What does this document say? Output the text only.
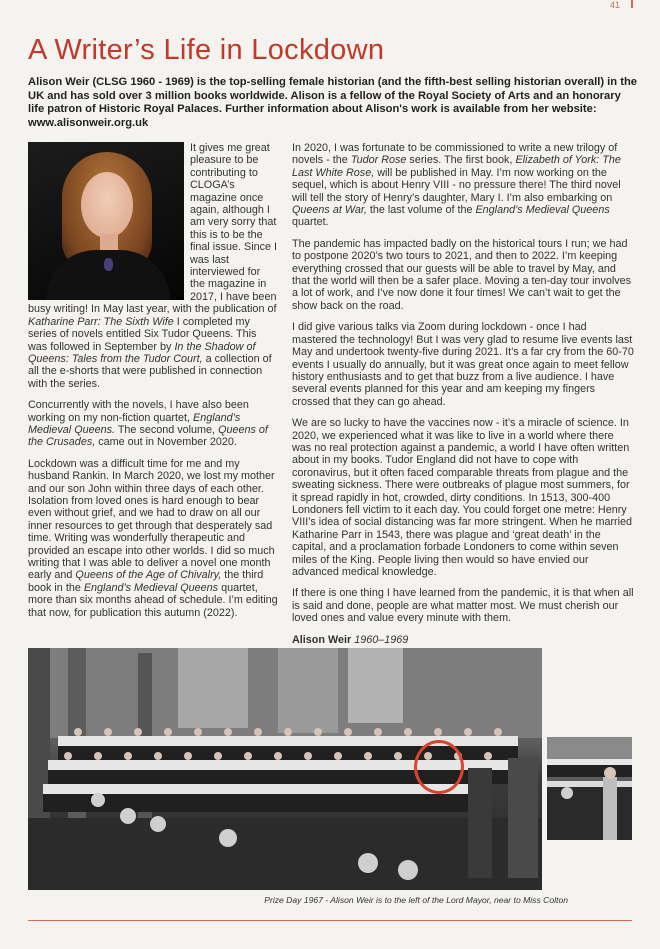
41
A Writer’s Life in Lockdown

Alison Weir (CLSG 1960 - 1969) is the top-selling female historian (and the fifth-best selling historian overall) in the UK and has sold over 3 million books worldwide. Alison is a fellow of the Royal Society of Arts and an honorary life patron of Historic Royal Palaces. Further information about Alison's work is available from her website:
www.alisonweir.org.uk

It gives me great pleasure to be contributing to CLOGA’s magazine once again, although I am very sorry that this is to be the final issue. Since I was last interviewed for the magazine in 2017, I have been busy writing! In May last year, with the publication of Katharine Parr: The Sixth Wife I completed my series of novels entitled Six Tudor Queens. This was followed in September by In the Shadow of Queens: Tales from the Tudor Court, a collection of all the e-shorts that were published in connection with the series.

Concurrently with the novels, I have also been working on my non-fiction quartet, England’s Medieval Queens. The second volume, Queens of the Crusades, came out in November 2020.

Lockdown was a difficult time for me and my husband Rankin. In March 2020, we lost my mother and our son John within three days of each other. Isolation from loved ones is hard enough to bear even without grief, and we had to draw on all our inner resources to get through that desperately sad time. Writing was wonderfully therapeutic and provided an escape into other worlds. I did so much writing that I was able to deliver a novel one month early and Queens of the Age of Chivalry, the third book in the England’s Medieval Queens quartet, more than six months ahead of schedule. I’m editing that now, for publication this autumn (2022).

In 2020, I was fortunate to be commissioned to write a new trilogy of novels - the Tudor Rose series. The first book, Elizabeth of York: The Last White Rose, will be published in May. I’m now working on the sequel, which is about Henry VIII - no pressure there! The third novel will tell the story of Henry’s daughter, Mary I. I’m also embarking on Queens at War, the last volume of the England’s Medieval Queens quartet.

The pandemic has impacted badly on the historical tours I run; we had to postpone 2020’s two tours to 2021, and then to 2022. I’m keeping everything crossed that our guests will be able to travel by May, and that the world will then be a safer place. Moving a ten-day tour involves a lot of work, and I’ve now done it four times! We can’t wait to get the show back on the road.

I did give various talks via Zoom during lockdown - once I had mastered the technology! But I was very glad to resume live events last May and undertook twenty-five during 2021. It’s a far cry from the 60-70 events I usually do annually, but it was great once again to meet fellow history enthusiasts and to get that buzz from a live audience. I have several events planned for this year and am keeping my fingers crossed that they can go ahead.

We are so lucky to have the vaccines now - it’s a miracle of science. In 2020, we experienced what it was like to live in a world where there was no real protection against a pandemic, a world I have often written about in my books. Tudor England did not have to cope with coronavirus, but it often faced comparable threats from plague and the sweating sickness. There were outbreaks of plague most summers, for it spread rapidly in hot, crowded, dirty conditions. In 1513, 300-400 Londoners fell victim to it each day. You could forget one metre: Henry VIII’s idea of social distancing was far more stringent. When he married Katharine Parr in 1543, there was plague and ‘great death’ in the capital, and a proclamation forbade Londoners to come within seven miles of the King. People living then would so have envied our advanced medical knowledge.

If there is one thing I have learned from the pandemic, it is that when all is said and done, people are what matter most. We must cherish our loved ones and value every minute with them.

Alison Weir 1960–1969

Prize Day 1967 - Alison Weir is to the left of the Lord Mayor, near to Miss Colton
